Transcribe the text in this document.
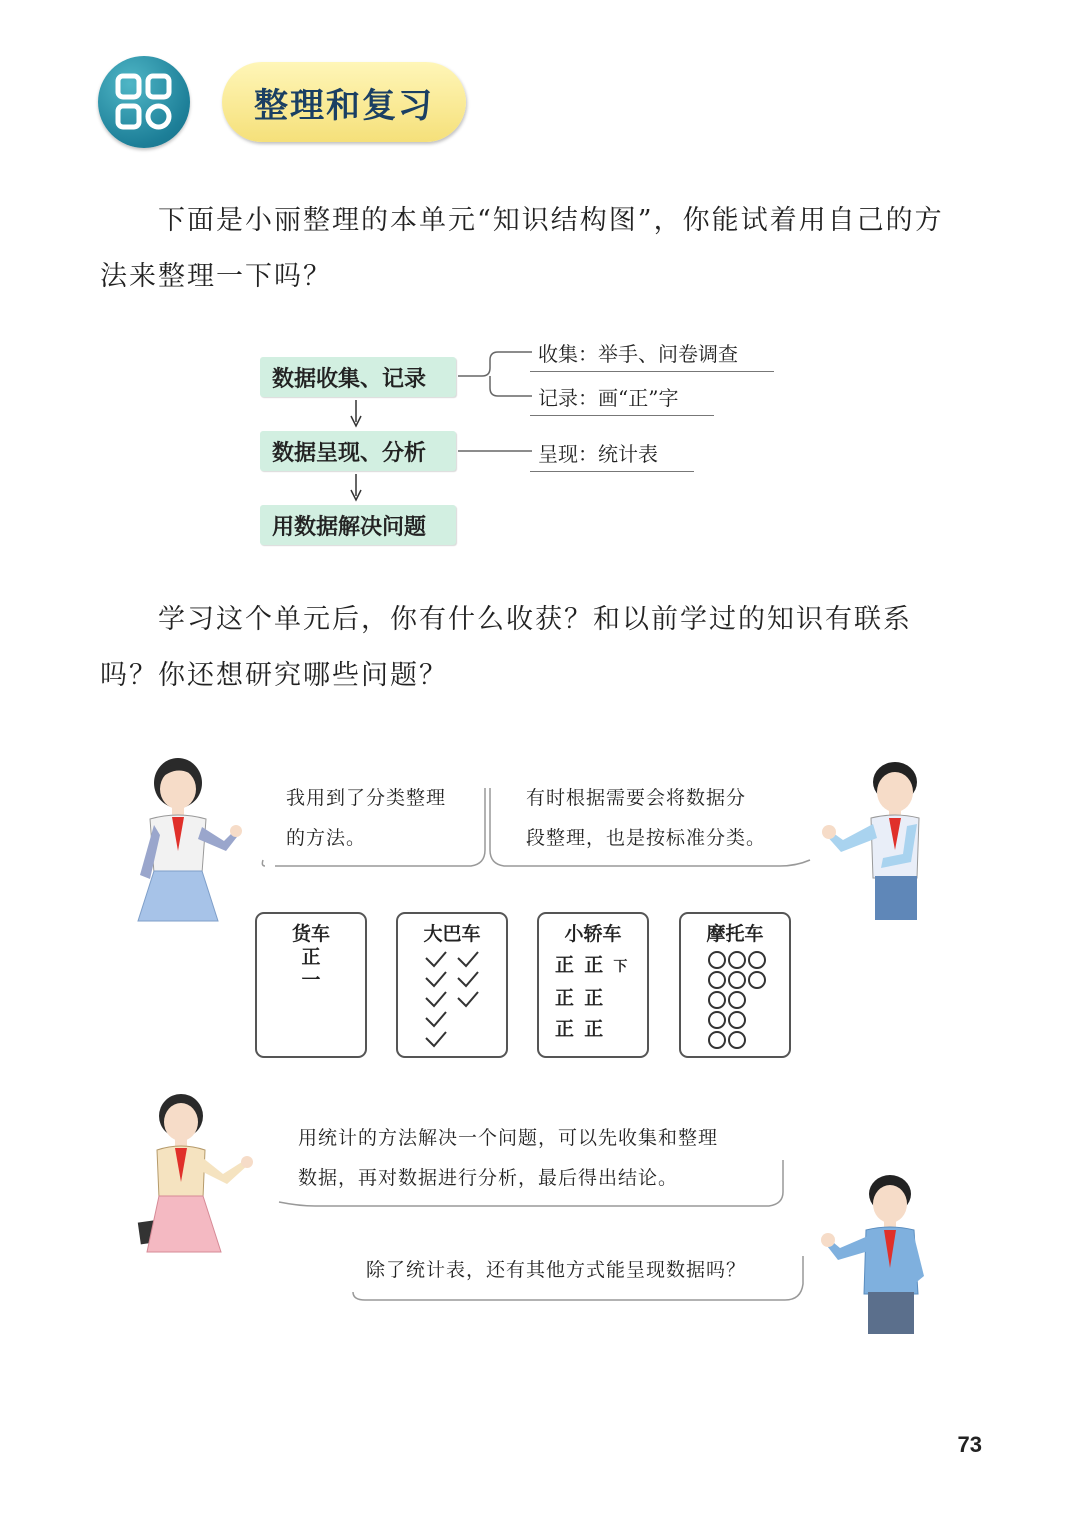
整理和复习

下面是小丽整理的本单元“知识结构图”，你能试着用自己的方
法来整理一下吗？

数据收集、记录
数据呈现、分析
用数据解决问题
收集：举手、问卷调查
记录：画“正”字
呈现：统计表

学习这个单元后，你有什么收获？和以前学过的知识有联系
吗？你还想研究哪些问题？

我用到了分类整理
的方法。

有时根据需要会将数据分
段整理，也是按标准分类。

货车
正
一
大巴车	小轿车
正 正 下
正 正
正 正
摩托车

用统计的方法解决一个问题，可以先收集和整理
数据，再对数据进行分析，最后得出结论。

除了统计表，还有其他方式能呈现数据吗？

73
